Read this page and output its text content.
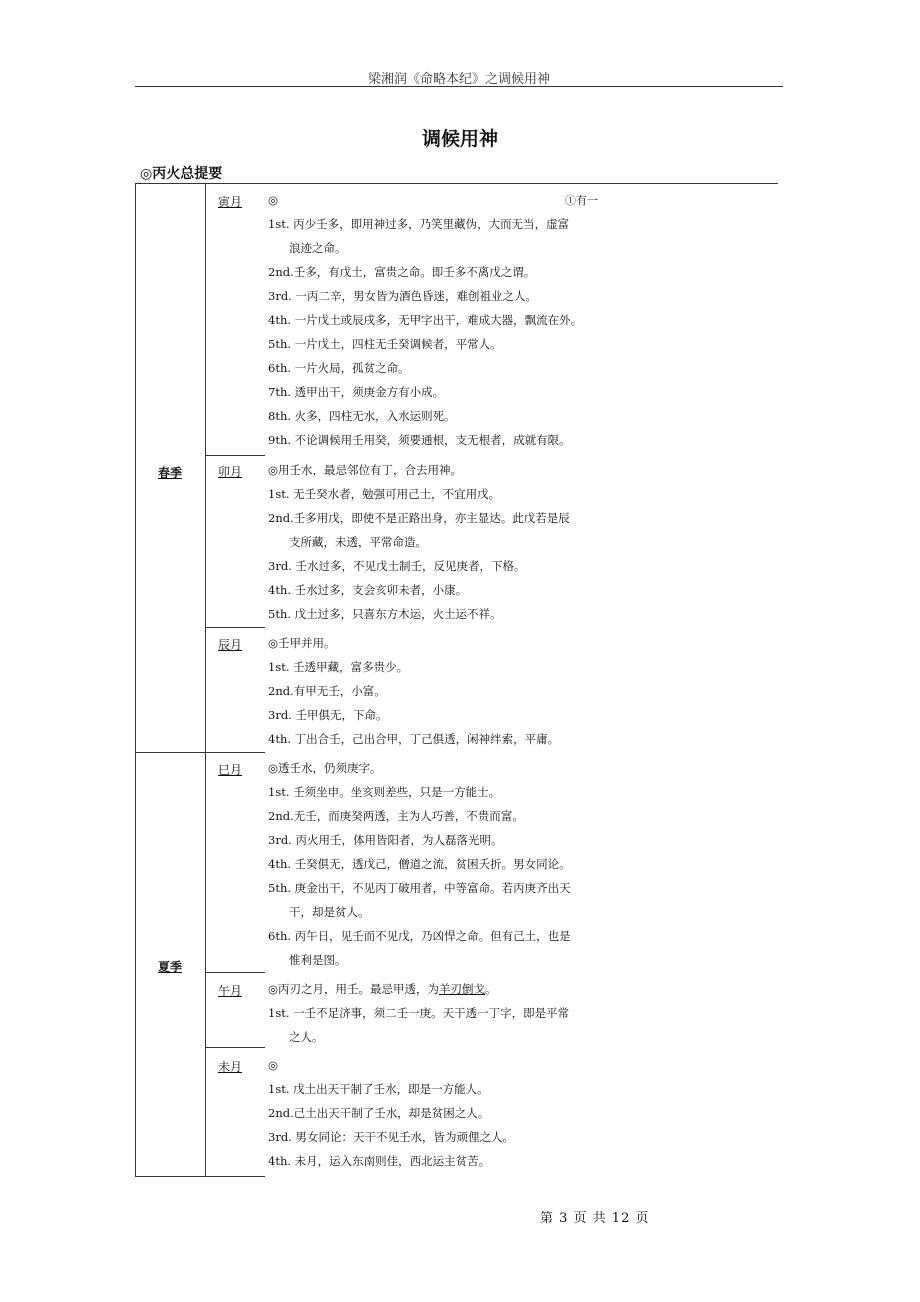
梁湘润《命略本纪》之调候用神
调候用神
◎丙火总提要
春季
夏季
寅月
卯月
辰月
巳月
午月
未月
◎
1st. 丙少壬多，即用神过多，乃笑里藏伪，大而无当，虚富
浪迹之命。
2nd.壬多，有戊土，富贵之命。即壬多不离戊之谓。
3rd. 一丙二辛，男女皆为酒色昏迷，难创祖业之人。
4th. 一片戊土或辰戌多，无甲字出干，难成大器，飘流在外。
5th. 一片戊土，四柱无壬癸调候者，平常人。
6th. 一片火局，孤贫之命。
7th. 透甲出干，须庚金方有小成。
8th. 火多，四柱无水，入水运则死。
9th. 不论调候用壬用癸，须要通根，支无根者，成就有限。
①有一
◎用壬水，最忌邻位有丁，合去用神。
1st. 无壬癸水者，勉强可用己土，不宜用戊。
2nd.壬多用戊，即使不是正路出身，亦主显达。此戊若是辰
支所藏，未透，平常命造。
3rd. 壬水过多，不见戊土制壬，反见庚者，下格。
4th. 壬水过多，支会亥卯未者，小康。
5th. 戊土过多，只喜东方木运，火土运不祥。
◎壬甲并用。
1st. 壬透甲藏，富多贵少。
2nd.有甲无壬，小富。
3rd. 壬甲俱无，下命。
4th. 丁出合壬，己出合甲，丁己俱透，闲神绊索，平庸。
◎透壬水，仍须庚字。
1st. 壬须坐申。坐亥则差些，只是一方能士。
2nd.无壬，而庚癸两透，主为人巧善，不贵而富。
3rd. 丙火用壬，体用皆阳者，为人磊落光明。
4th. 壬癸俱无，透戊己，僧道之流，贫困夭折。男女同论。
5th. 庚金出干，不见丙丁破用者，中等富命。若丙庚齐出天
干，却是贫人。
6th. 丙午日，见壬而不见戊，乃凶悍之命。但有己土，也是
惟利是图。
◎丙刃之月，用壬。最忌甲透，为羊刃倒戈。
1st. 一壬不足济事，须二壬一庚。天干透一丁字，即是平常
之人。
◎
1st. 戊土出天干制了壬水，即是一方能人。
2nd.己土出天干制了壬水，却是贫困之人。
3rd. 男女同论：天干不见壬水，皆为顽俚之人。
4th. 未月，运入东南则佳，西北运主贫苦。
第 3 页 共 12 页
